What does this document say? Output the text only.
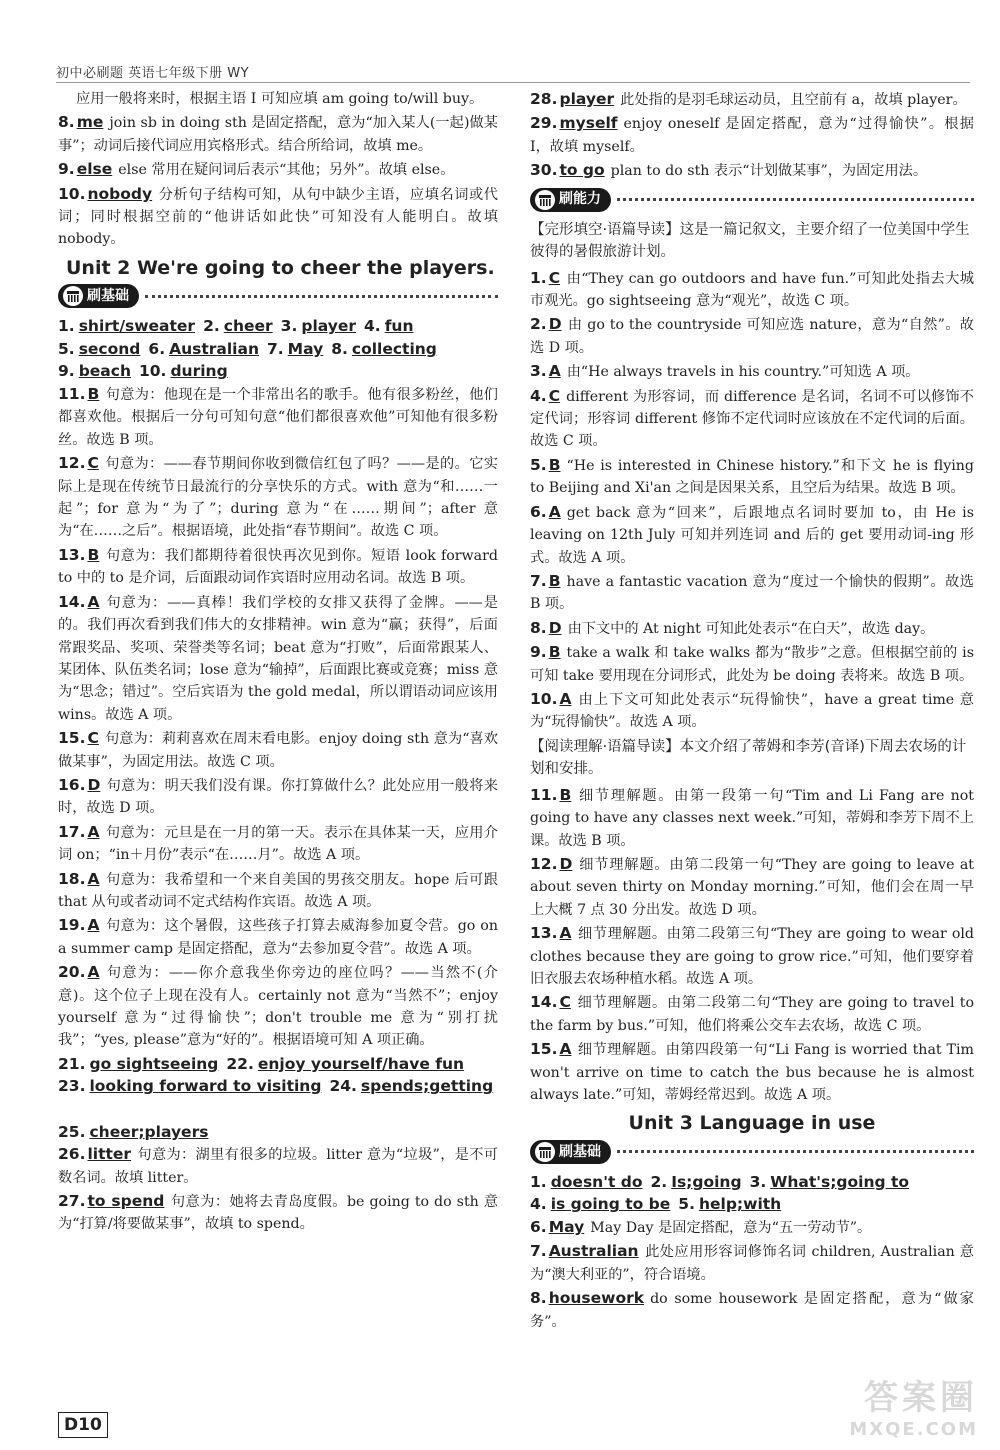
初中必刷题 英语七年级下册 WY
应用一般将来时，根据主语 I 可知应填 am going to/will buy。
8. me join sb in doing sth 是固定搭配，意为“加入某人(一起)做某事”；动词后接代词应用宾格形式。结合所给词，故填 me。
9. else else 常用在疑问词后表示“其他；另外”。故填 else。
10. nobody 分析句子结构可知，从句中缺少主语，应填名词或代词；同时根据空前的“他讲话如此快”可知没有人能明白。故填 nobody。
Unit 2 We're going to cheer the players.
刷基础
1. shirt/sweater 2. cheer 3. player 4. fun
5. second 6. Australian 7. May 8. collecting
9. beach 10. during
11. B 句意为：他现在是一个非常出名的歌手。他有很多粉丝，他们都喜欢他。根据后一分句可知句意“他们都很喜欢他”可知他有很多粉丝。故选 B 项。
12. C 句意为：——春节期间你收到微信红包了吗？——是的。它实际上是现在传统节日最流行的分享快乐的方式。with 意为“和……一起”；for 意为“为了”；during 意为“在……期间”；after 意为“在……之后”。根据语境，此处指“春节期间”。故选 C 项。
13. B 句意为：我们都期待着很快再次见到你。短语 look forward to 中的 to 是介词，后面跟动词作宾语时应用动名词。故选 B 项。
14. A 句意为：——真棒！我们学校的女排又获得了金牌。——是的。我们再次看到我们伟大的女排精神。win 意为“赢；获得”，后面常跟奖品、奖项、荣誉类等名词；beat 意为“打败”，后面常跟某人、某团体、队伍类名词；lose 意为“输掉”，后面跟比赛或竞赛；miss 意为“思念；错过”。空后宾语为 the gold medal，所以谓语动词应该用 wins。故选 A 项。
15. C 句意为：莉莉喜欢在周末看电影。enjoy doing sth 意为“喜欢做某事”，为固定用法。故选 C 项。
16. D 句意为：明天我们没有课。你打算做什么？此处应用一般将来时，故选 D 项。
17. A 句意为：元旦是在一月的第一天。表示在具体某一天，应用介词 on；“in＋月份”表示“在……月”。故选 A 项。
18. A 句意为：我希望和一个来自美国的男孩交朋友。hope 后可跟 that 从句或者动词不定式结构作宾语。故选 A 项。
19. A 句意为：这个暑假，这些孩子打算去威海参加夏令营。go on a summer camp 是固定搭配，意为“去参加夏令营”。故选 A 项。
20. A 句意为：——你介意我坐你旁边的座位吗？——当然不(介意)。这个位子上现在没有人。certainly not 意为“当然不”；enjoy yourself 意为“过得愉快”；don't trouble me 意为“别打扰我”；“yes, please”意为“好的”。根据语境可知 A 项正确。
21. go sightseeing 22. enjoy yourself/have fun
23. looking forward to visiting 24. spends;getting
25. cheer;players
26. litter 句意为：湖里有很多的垃圾。litter 意为“垃圾”，是不可数名词。故填 litter。
27. to spend 句意为：她将去青岛度假。be going to do sth 意为“打算/将要做某事”，故填 to spend。
28. player 此处指的是羽毛球运动员，且空前有 a，故填 player。
29. myself enjoy oneself 是固定搭配，意为“过得愉快”。根据 I，故填 myself。
30. to go plan to do sth 表示“计划做某事”，为固定用法。
刷能力
【完形填空·语篇导读】这是一篇记叙文，主要介绍了一位美国中学生彼得的暑假旅游计划。
1. C 由“They can go outdoors and have fun.”可知此处指去大城市观光。go sightseeing 意为“观光”，故选 C 项。
2. D 由 go to the countryside 可知应选 nature，意为“自然”。故选 D 项。
3. A 由“He always travels in his country.”可知选 A 项。
4. C different 为形容词，而 difference 是名词，名词不可以修饰不定代词；形容词 different 修饰不定代词时应该放在不定代词的后面。故选 C 项。
5. B “He is interested in Chinese history.”和下文 he is flying to Beijing and Xi'an 之间是因果关系，且空后为结果。故选 B 项。
6. A get back 意为“回来”，后跟地点名词时要加 to，由 He is leaving on 12th July 可知并列连词 and 后的 get 要用动词-ing 形式。故选 A 项。
7. B have a fantastic vacation 意为“度过一个愉快的假期”。故选 B 项。
8. D 由下文中的 At night 可知此处表示“在白天”，故选 day。
9. B take a walk 和 take walks 都为“散步”之意。但根据空前的 is 可知 take 要用现在分词形式，此处为 be doing 表将来。故选 B 项。
10. A 由上下文可知此处表示“玩得愉快”，have a great time 意为“玩得愉快”。故选 A 项。
【阅读理解·语篇导读】本文介绍了蒂姆和李芳(音译)下周去农场的计划和安排。
11. B 细节理解题。由第一段第一句“Tim and Li Fang are not going to have any classes next week.”可知，蒂姆和李芳下周不上课。故选 B 项。
12. D 细节理解题。由第二段第一句“They are going to leave at about seven thirty on Monday morning.”可知，他们会在周一早上大概 7 点 30 分出发。故选 D 项。
13. A 细节理解题。由第二段第三句“They are going to wear old clothes because they are going to grow rice.”可知，他们要穿着旧衣服去农场种植水稻。故选 A 项。
14. C 细节理解题。由第二段第二句“They are going to travel to the farm by bus.”可知，他们将乘公交车去农场，故选 C 项。
15. A 细节理解题。由第四段第一句“Li Fang is worried that Tim won't arrive on time to catch the bus because he is almost always late.”可知，蒂姆经常迟到。故选 A 项。
Unit 3 Language in use
刷基础
1. doesn't do 2. Is;going 3. What's;going to
4. is going to be 5. help;with
6. May May Day 是固定搭配，意为“五一劳动节”。
7. Australian 此处应用形容词修饰名词 children, Australian 意为“澳大利亚的”，符合语境。
8. housework do some housework 是固定搭配，意为“做家务”。
D10
答案圈
MXQE.COM
